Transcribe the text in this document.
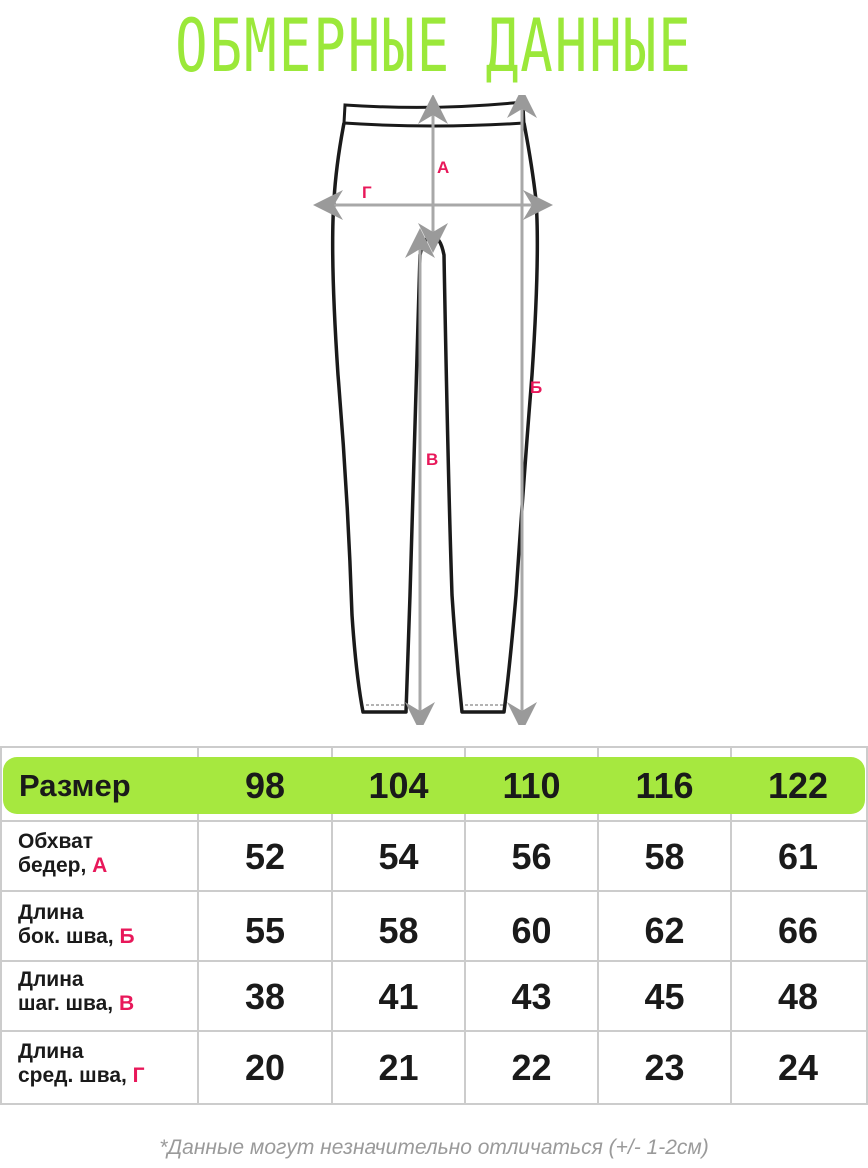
ОБМЕРНЫЕ ДАННЫЕ
А
Г
Б
В
Размер	98	104	110	116	122
Обхват
бедер, А	52	54	56	58	61
Длина
бок. шва, Б	55	58	60	62	66
Длина
шаг. шва, В	38	41	43	45	48
Длина
сред. шва, Г	20	21	22	23	24
*Данные могут незначительно отличаться (+/- 1-2см)
